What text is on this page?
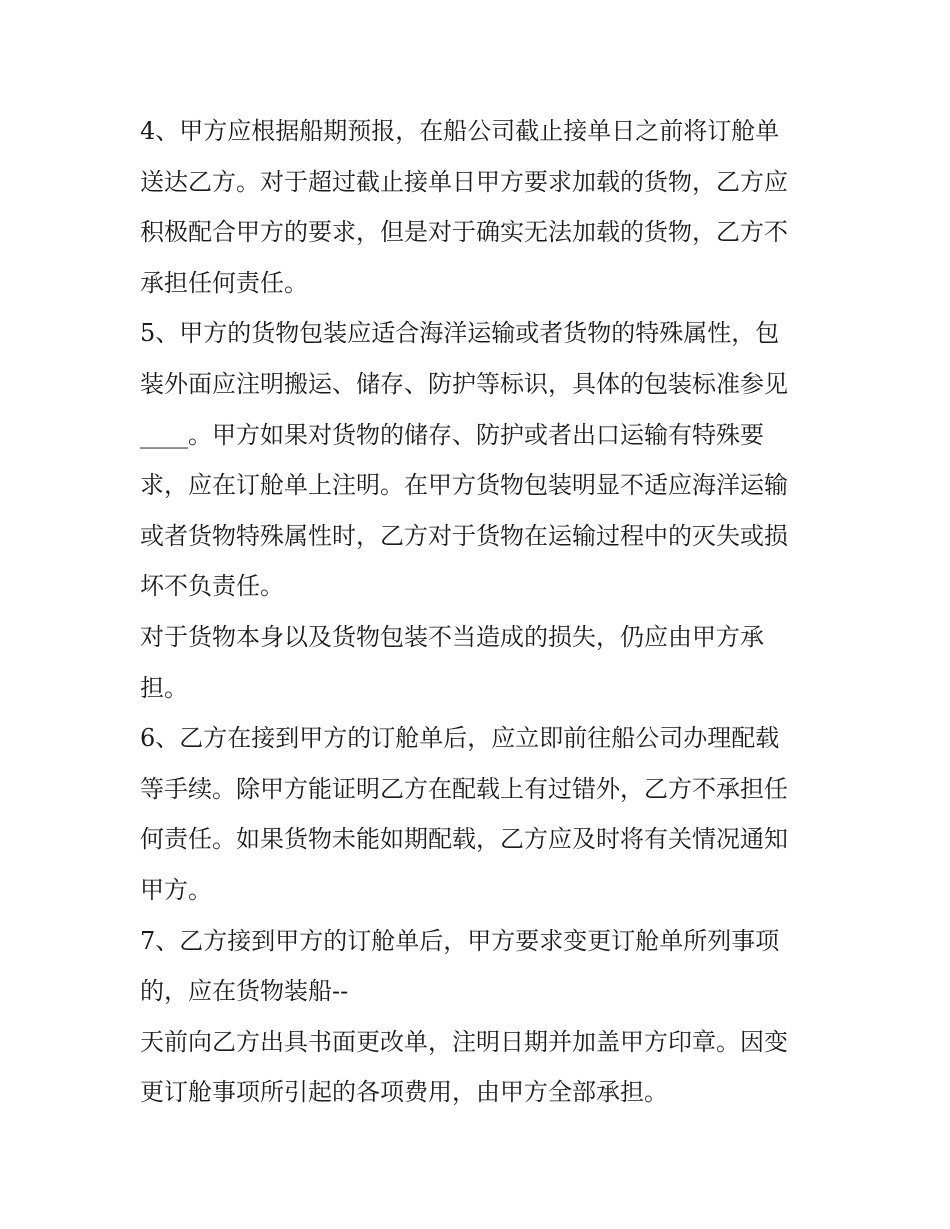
4、甲方应根据船期预报，在船公司截止接单日之前将订舱单
送达乙方。对于超过截止接单日甲方要求加载的货物，乙方应
积极配合甲方的要求，但是对于确实无法加载的货物，乙方不
承担任何责任。
5、甲方的货物包装应适合海洋运输或者货物的特殊属性，包
装外面应注明搬运、储存、防护等标识，具体的包装标准参见
____。甲方如果对货物的储存、防护或者出口运输有特殊要
求，应在订舱单上注明。在甲方货物包装明显不适应海洋运输
或者货物特殊属性时，乙方对于货物在运输过程中的灭失或损
坏不负责任。
对于货物本身以及货物包装不当造成的损失，仍应由甲方承
担。
6、乙方在接到甲方的订舱单后，应立即前往船公司办理配载
等手续。除甲方能证明乙方在配载上有过错外，乙方不承担任
何责任。如果货物未能如期配载，乙方应及时将有关情况通知
甲方。
7、乙方接到甲方的订舱单后，甲方要求变更订舱单所列事项
的，应在货物装船--
天前向乙方出具书面更改单，注明日期并加盖甲方印章。因变
更订舱事项所引起的各项费用，由甲方全部承担。
